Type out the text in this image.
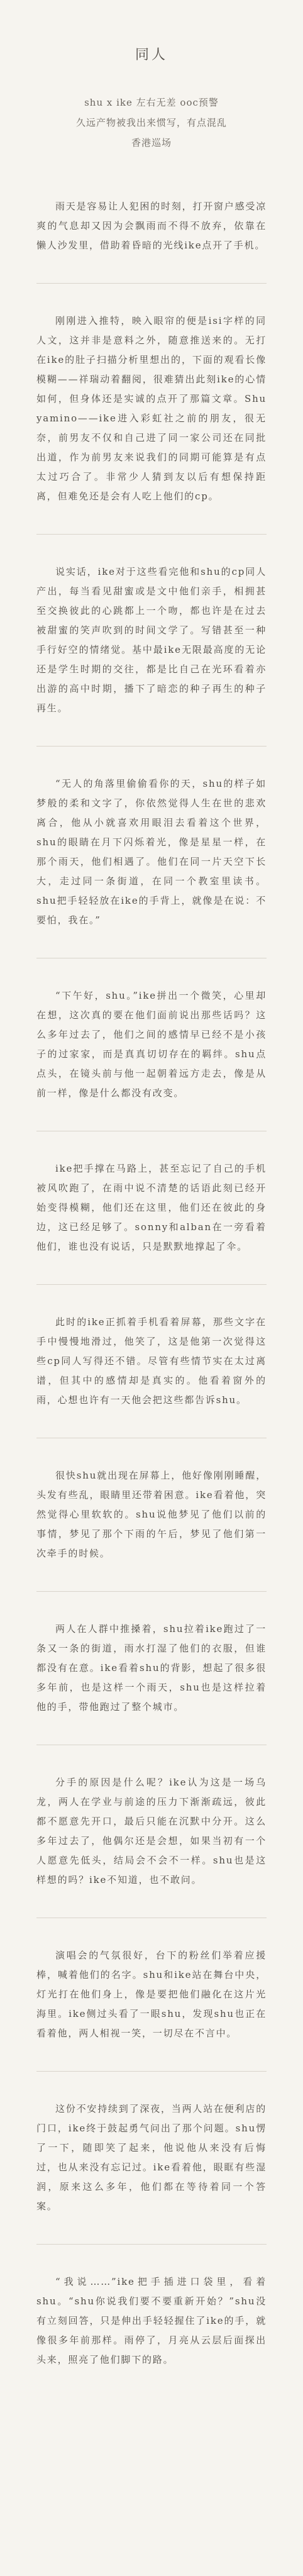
同人
shu x ike 左右无差 ooc预警
久远产物被我出来惯写，有点混乱
香港巡场

雨天是容易让人犯困的时刻，打开窗户感受凉爽的气息却又因为会飘雨而不得不放弃，依靠在懒人沙发里，借助着昏暗的光线ike点开了手机。

刚刚进入推特，映入眼帘的便是isi字样的同人文，这并非是意料之外，随意推送来的。无打在ike的肚子扫描分析里想出的，下面的观看长像模糊——祥瑞动着翻阅，很难猜出此刻ike的心情如何，但身体还是实诚的点开了那篇文章。Shu yamino——ike进入彩虹社之前的朋友，很无奈，前男友不仅和自己进了同一家公司还在同批出道，作为前男友来说我们的同期可能算是有点太过巧合了。非常少人猜到友以后有想保持距离，但难免还是会有人吃上他们的cp。

说实话，ike对于这些看完他和shu的cp同人产出，每当看见甜蜜或是文中他们亲手，相拥甚至交换彼此的心跳都上一个吻，都也许是在过去被甜蜜的笑声吹到的时间文学了。写错甚至一种手行好空的情绪觉。基中最ike无限最高度的无论还是学生时期的交往，都是比自己在光环看着亦出游的高中时期，播下了暗恋的种子再生的种子再生。

“无人的角落里偷偷看你的天，shu的样子如梦般的柔和文字了，你依然觉得人生在世的悲欢离合，他从小就喜欢用眼泪去看着这个世界，shu的眼睛在月下闪烁着光，像是星星一样，在那个雨天，他们相遇了。他们在同一片天空下长大，走过同一条街道，在同一个教室里读书。shu把手轻轻放在ike的手背上，就像是在说：不要怕，我在。”

“下午好，shu。”ike拼出一个微笑，心里却在想，这次真的要在他们面前说出那些话吗？这么多年过去了，他们之间的感情早已经不是小孩子的过家家，而是真真切切存在的羁绊。shu点点头，在镜头前与他一起朝着远方走去，像是从前一样，像是什么都没有改变。

ike把手撑在马路上，甚至忘记了自己的手机被风吹跑了，在雨中说不清楚的话语此刻已经开始变得模糊，他们还在这里，他们还在彼此的身边，这已经足够了。sonny和alban在一旁看着他们，谁也没有说话，只是默默地撑起了伞。

此时的ike正抓着手机看着屏幕，那些文字在手中慢慢地滑过，他笑了，这是他第一次觉得这些cp同人写得还不错。尽管有些情节实在太过离谱，但其中的感情却是真实的。他看着窗外的雨，心想也许有一天他会把这些都告诉shu。

很快shu就出现在屏幕上，他好像刚刚睡醒，头发有些乱，眼睛里还带着困意。ike看着他，突然觉得心里软软的。shu说他梦见了他们以前的事情，梦见了那个下雨的午后，梦见了他们第一次牵手的时候。

两人在人群中推搡着，shu拉着ike跑过了一条又一条的街道，雨水打湿了他们的衣服，但谁都没有在意。ike看着shu的背影，想起了很多很多年前，也是这样一个雨天，shu也是这样拉着他的手，带他跑过了整个城市。

分手的原因是什么呢？ike认为这是一场乌龙，两人在学业与前途的压力下渐渐疏远，彼此都不愿意先开口，最后只能在沉默中分开。这么多年过去了，他偶尔还是会想，如果当初有一个人愿意先低头，结局会不会不一样。shu也是这样想的吗？ike不知道，也不敢问。

演唱会的气氛很好，台下的粉丝们举着应援棒，喊着他们的名字。shu和ike站在舞台中央，灯光打在他们身上，像是要把他们融化在这片光海里。ike侧过头看了一眼shu，发现shu也正在看着他，两人相视一笑，一切尽在不言中。

这份不安持续到了深夜，当两人站在便利店的门口，ike终于鼓起勇气问出了那个问题。shu愣了一下，随即笑了起来，他说他从来没有后悔过，也从来没有忘记过。ike看着他，眼眶有些湿润，原来这么多年，他们都在等待着同一个答案。

“我说……”ike把手插进口袋里，看着shu。“shu你说我们要不要重新开始？”shu没有立刻回答，只是伸出手轻轻握住了ike的手，就像很多年前那样。雨停了，月亮从云层后面探出头来，照亮了他们脚下的路。
